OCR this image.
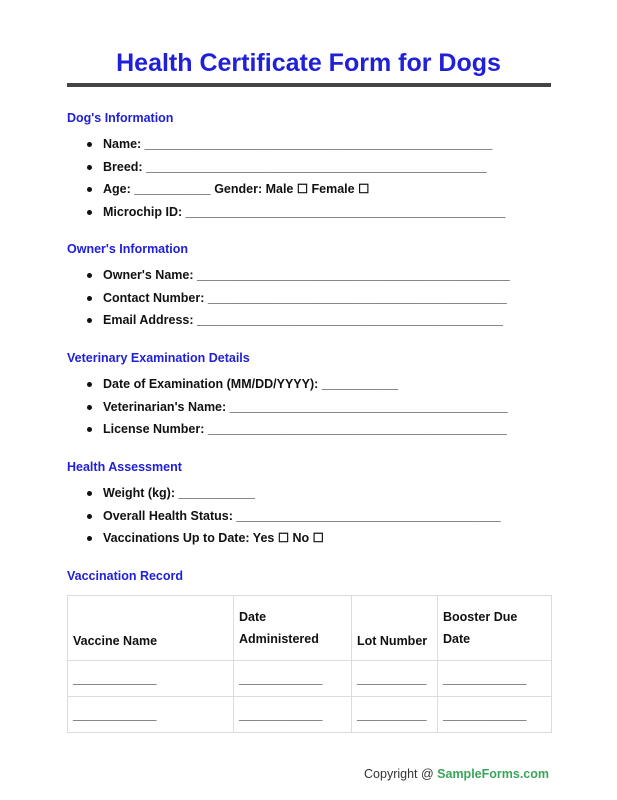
Health Certificate Form for Dogs
Dog's Information
Name: __________________________________________________
Breed: _________________________________________________
Age: ___________ Gender: Male ☐ Female ☐
Microchip ID: ______________________________________________
Owner's Information
Owner's Name: _____________________________________________
Contact Number: ___________________________________________
Email Address: ____________________________________________
Veterinary Examination Details
Date of Examination (MM/DD/YYYY): ___________
Veterinarian's Name: ________________________________________
License Number: ___________________________________________
Health Assessment
Weight (kg): ___________
Overall Health Status: ______________________________________
Vaccinations Up to Date: Yes ☐ No ☐
Vaccination Record
Vaccine Name	Date Administered	Lot Number	Booster Due Date
____________	____________	__________	____________
____________	____________	__________	____________
Copyright @ SampleForms.com
